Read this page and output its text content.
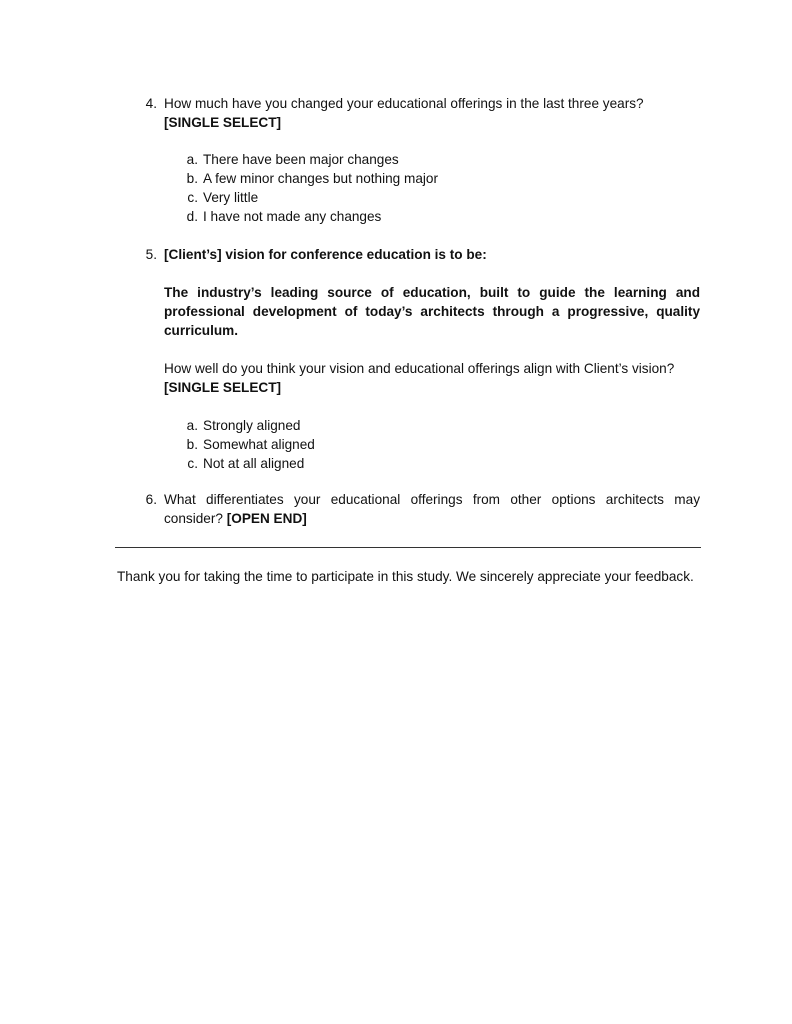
4. How much have you changed your educational offerings in the last three years?
[SINGLE SELECT]
a. There have been major changes
b. A few minor changes but nothing major
c. Very little
d. I have not made any changes
5. [Client’s] vision for conference education is to be:
The industry’s leading source of education, built to guide the learning and professional development of today’s architects through a progressive, quality curriculum.
How well do you think your vision and educational offerings align with Client’s vision?
[SINGLE SELECT]
a. Strongly aligned
b. Somewhat aligned
c. Not at all aligned
6. What differentiates your educational offerings from other options architects may consider? [OPEN END]
Thank you for taking the time to participate in this study. We sincerely appreciate your feedback.
